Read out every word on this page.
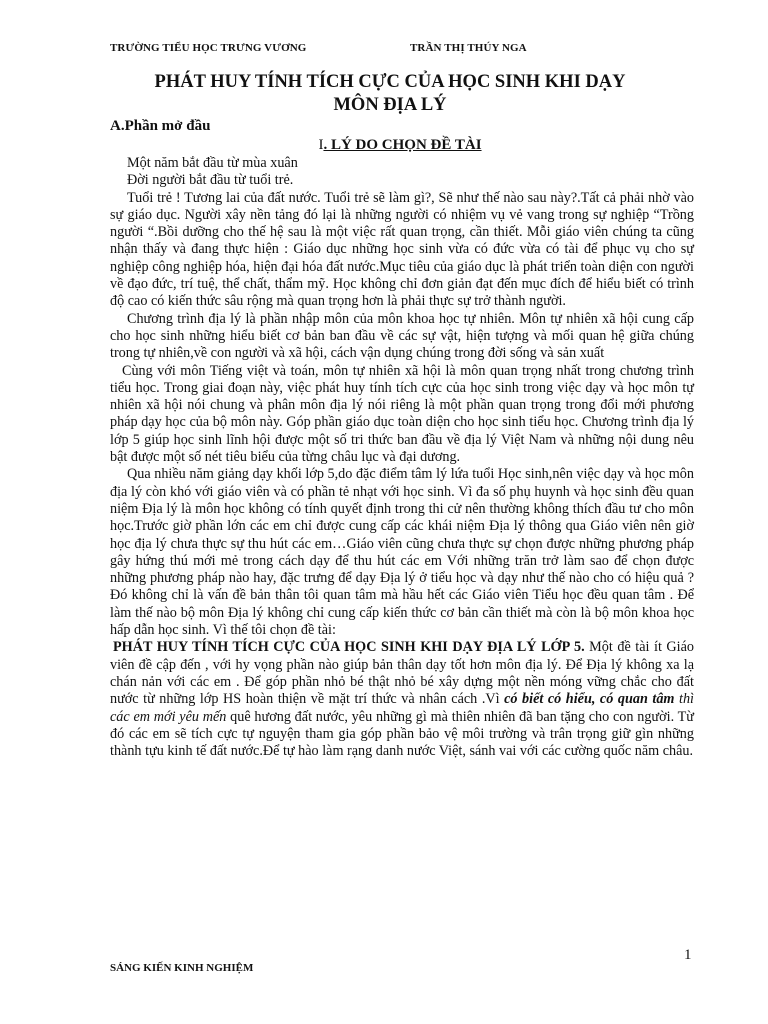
TRƯỜNG TIỂU HỌC TRƯNG VƯƠNG	TRẦN THỊ THÚY NGA
PHÁT HUY TÍNH TÍCH CỰC CỦA HỌC SINH KHI DẠY
MÔN ĐỊA LÝ
A.Phần mở đầu
I. LÝ DO CHỌN ĐỀ TÀI

Một năm bắt đầu từ mùa xuân

Đời người bắt đầu từ tuổi trẻ.

Tuổi trẻ ! Tương lai của đất nước. Tuổi trẻ sẽ làm gì?, Sẽ như thế nào sau này?.Tất cả phải nhờ vào sự giáo dục. Người xây nền tảng đó lại là những người có nhiệm vụ vẻ vang trong sự nghiệp “Trồng người “.Bồi dưỡng cho thế hệ sau là một việc rất quan trọng, cần thiết. Mỗi giáo viên chúng ta cũng nhận thấy và đang thực hiện : Giáo dục những học sinh vừa có đức vừa có tài để phục vụ cho sự nghiệp công nghiệp hóa, hiện đại hóa đất nước.Mục tiêu của giáo dục là phát triển toàn diện con người về đạo đức, trí tuệ, thể chất, thẩm mỹ. Học không chỉ đơn giản đạt đến mục đích để hiểu biết có trình độ cao có kiến thức sâu rộng mà quan trọng hơn là phải thực sự trở thành người.

Chương trình địa lý là phần nhập môn của môn khoa học tự nhiên. Môn tự nhiên xã hội cung cấp cho học sinh những hiểu biết cơ bản ban đầu về các sự vật, hiện tượng và mối quan hệ giữa chúng trong tự nhiên,về con người và xã hội, cách vận dụng chúng trong đời sống và sản xuất

Cùng với môn Tiếng việt và toán, môn tự nhiên xã hội là môn quan trọng nhất trong chương trình tiểu học. Trong giai đoạn này, việc phát huy tính tích cực của học sinh trong việc dạy và học môn tự nhiên xã hội nói chung và phân môn địa lý nói riêng là một phần quan trọng trong đổi mới phương pháp dạy học của bộ môn này. Góp phần giáo dục toàn diện cho học sinh tiểu học. Chương trình địa lý lớp 5 giúp học sinh lĩnh hội được một số tri thức ban đầu về địa lý Việt Nam và những nội dung nêu bật được một số nét tiêu biểu của từng châu lục và đại dương.

Qua nhiều năm giảng dạy khối lớp 5,do đặc điểm tâm lý lứa tuổi Học sinh,nên việc dạy và học môn địa lý còn khó với giáo viên và có phần tẻ nhạt với học sinh. Vì đa số phụ huynh và học sinh đều quan niệm Địa lý là môn học không có tính quyết định trong thi cử nên thường không thích đầu tư cho môn học.Trước giờ phần lớn các em chỉ được cung cấp các khái niệm Địa lý thông qua Giáo viên nên giờ học địa lý chưa thực sự thu hút các em…Giáo viên cũng chưa thực sự chọn được những phương pháp gây hứng thú mới mẻ trong cách dạy để thu hút các em Với những trăn trở làm sao để chọn được những phương pháp nào hay, đặc trưng để dạy Địa lý ở tiểu học và dạy như thế nào cho có hiệu quả ? Đó không chỉ là vấn đề bản thân tôi quan tâm mà hầu hết các Giáo viên Tiểu học đều quan tâm . Để làm thế nào bộ môn Địa lý không chỉ cung cấp kiến thức cơ bản cần thiết mà còn là bộ môn khoa học hấp dẫn học sinh. Vì thế tôi chọn đề tài:

PHÁT HUY TÍNH TÍCH CỰC CỦA HỌC SINH KHI DẠY ĐỊA LÝ LỚP 5. Một đề tài ít Giáo viên đề cập đến , với hy vọng phần nào giúp bản thân dạy tốt hơn môn địa lý. Để Địa lý không xa lạ chán nản với các em . Để góp phần nhỏ bé thật nhỏ bé xây dựng một nền móng vững chắc cho đất nước từ những lớp HS hoàn thiện về mặt trí thức và nhân cách .Vì có biết có hiểu, có quan tâm thì các em mới yêu mến quê hương đất nước, yêu những gì mà thiên nhiên đã ban tặng cho con người. Từ đó các em sẽ tích cực tự nguyện tham gia góp phần bảo vệ môi trường và trân trọng giữ gìn những thành tựu kinh tế đất nước.Để tự hào làm rạng danh nước Việt, sánh vai với các cường quốc năm châu.

1
SÁNG KIẾN KINH NGHIỆM
